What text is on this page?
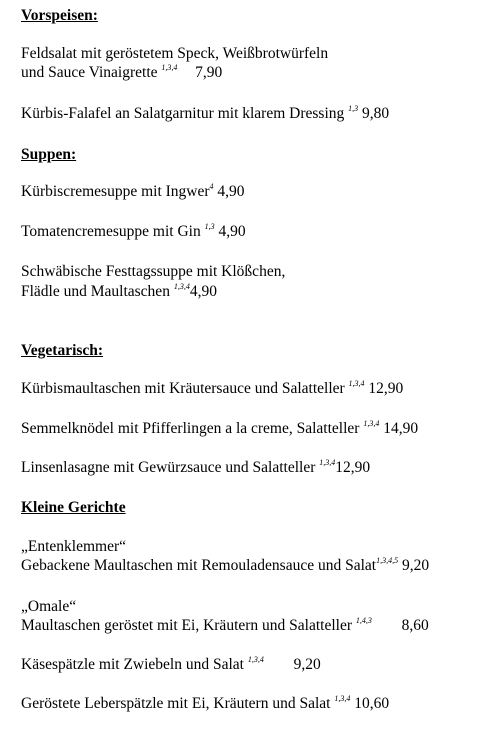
Vorspeisen:
Feldsalat mit geröstetem Speck, Weißbrotwürfeln
und Sauce Vinaigrette $^{1,3,4}$ 7,90
Kürbis-Falafel an Salatgarnitur mit klarem Dressing $^{1,3}$ 9,80
Suppen:
Kürbiscremesuppe mit Ingwer$^4$ 4,90
Tomatencremesuppe mit Gin $^{1,3}$ 4,90
Schwäbische Festtagssuppe mit Klößchen,
Flädle und Maultaschen $^{1,3,4}$4,90
Vegetarisch:
Kürbismaultaschen mit Kräutersauce und Salatteller $^{1,3,4}$ 12,90
Semmelknödel mit Pfifferlingen a la creme, Salatteller $^{1,3,4}$ 14,90
Linsenlasagne mit Gewürzsauce und Salatteller $^{1,3,4}$12,90
Kleine Gerichte
„Entenklemmer“
Gebackene Maultaschen mit Remouladensauce und Salat$^{1,3,4,5}$ 9,20
„Omale“
Maultaschen geröstet mit Ei, Kräutern und Salatteller $^{1,4,3}$ 8,60
Käsespätzle mit Zwiebeln und Salat $^{1,3,4}$ 9,20
Geröstete Leberspätzle mit Ei, Kräutern und Salat $^{1,3,4}$ 10,60
